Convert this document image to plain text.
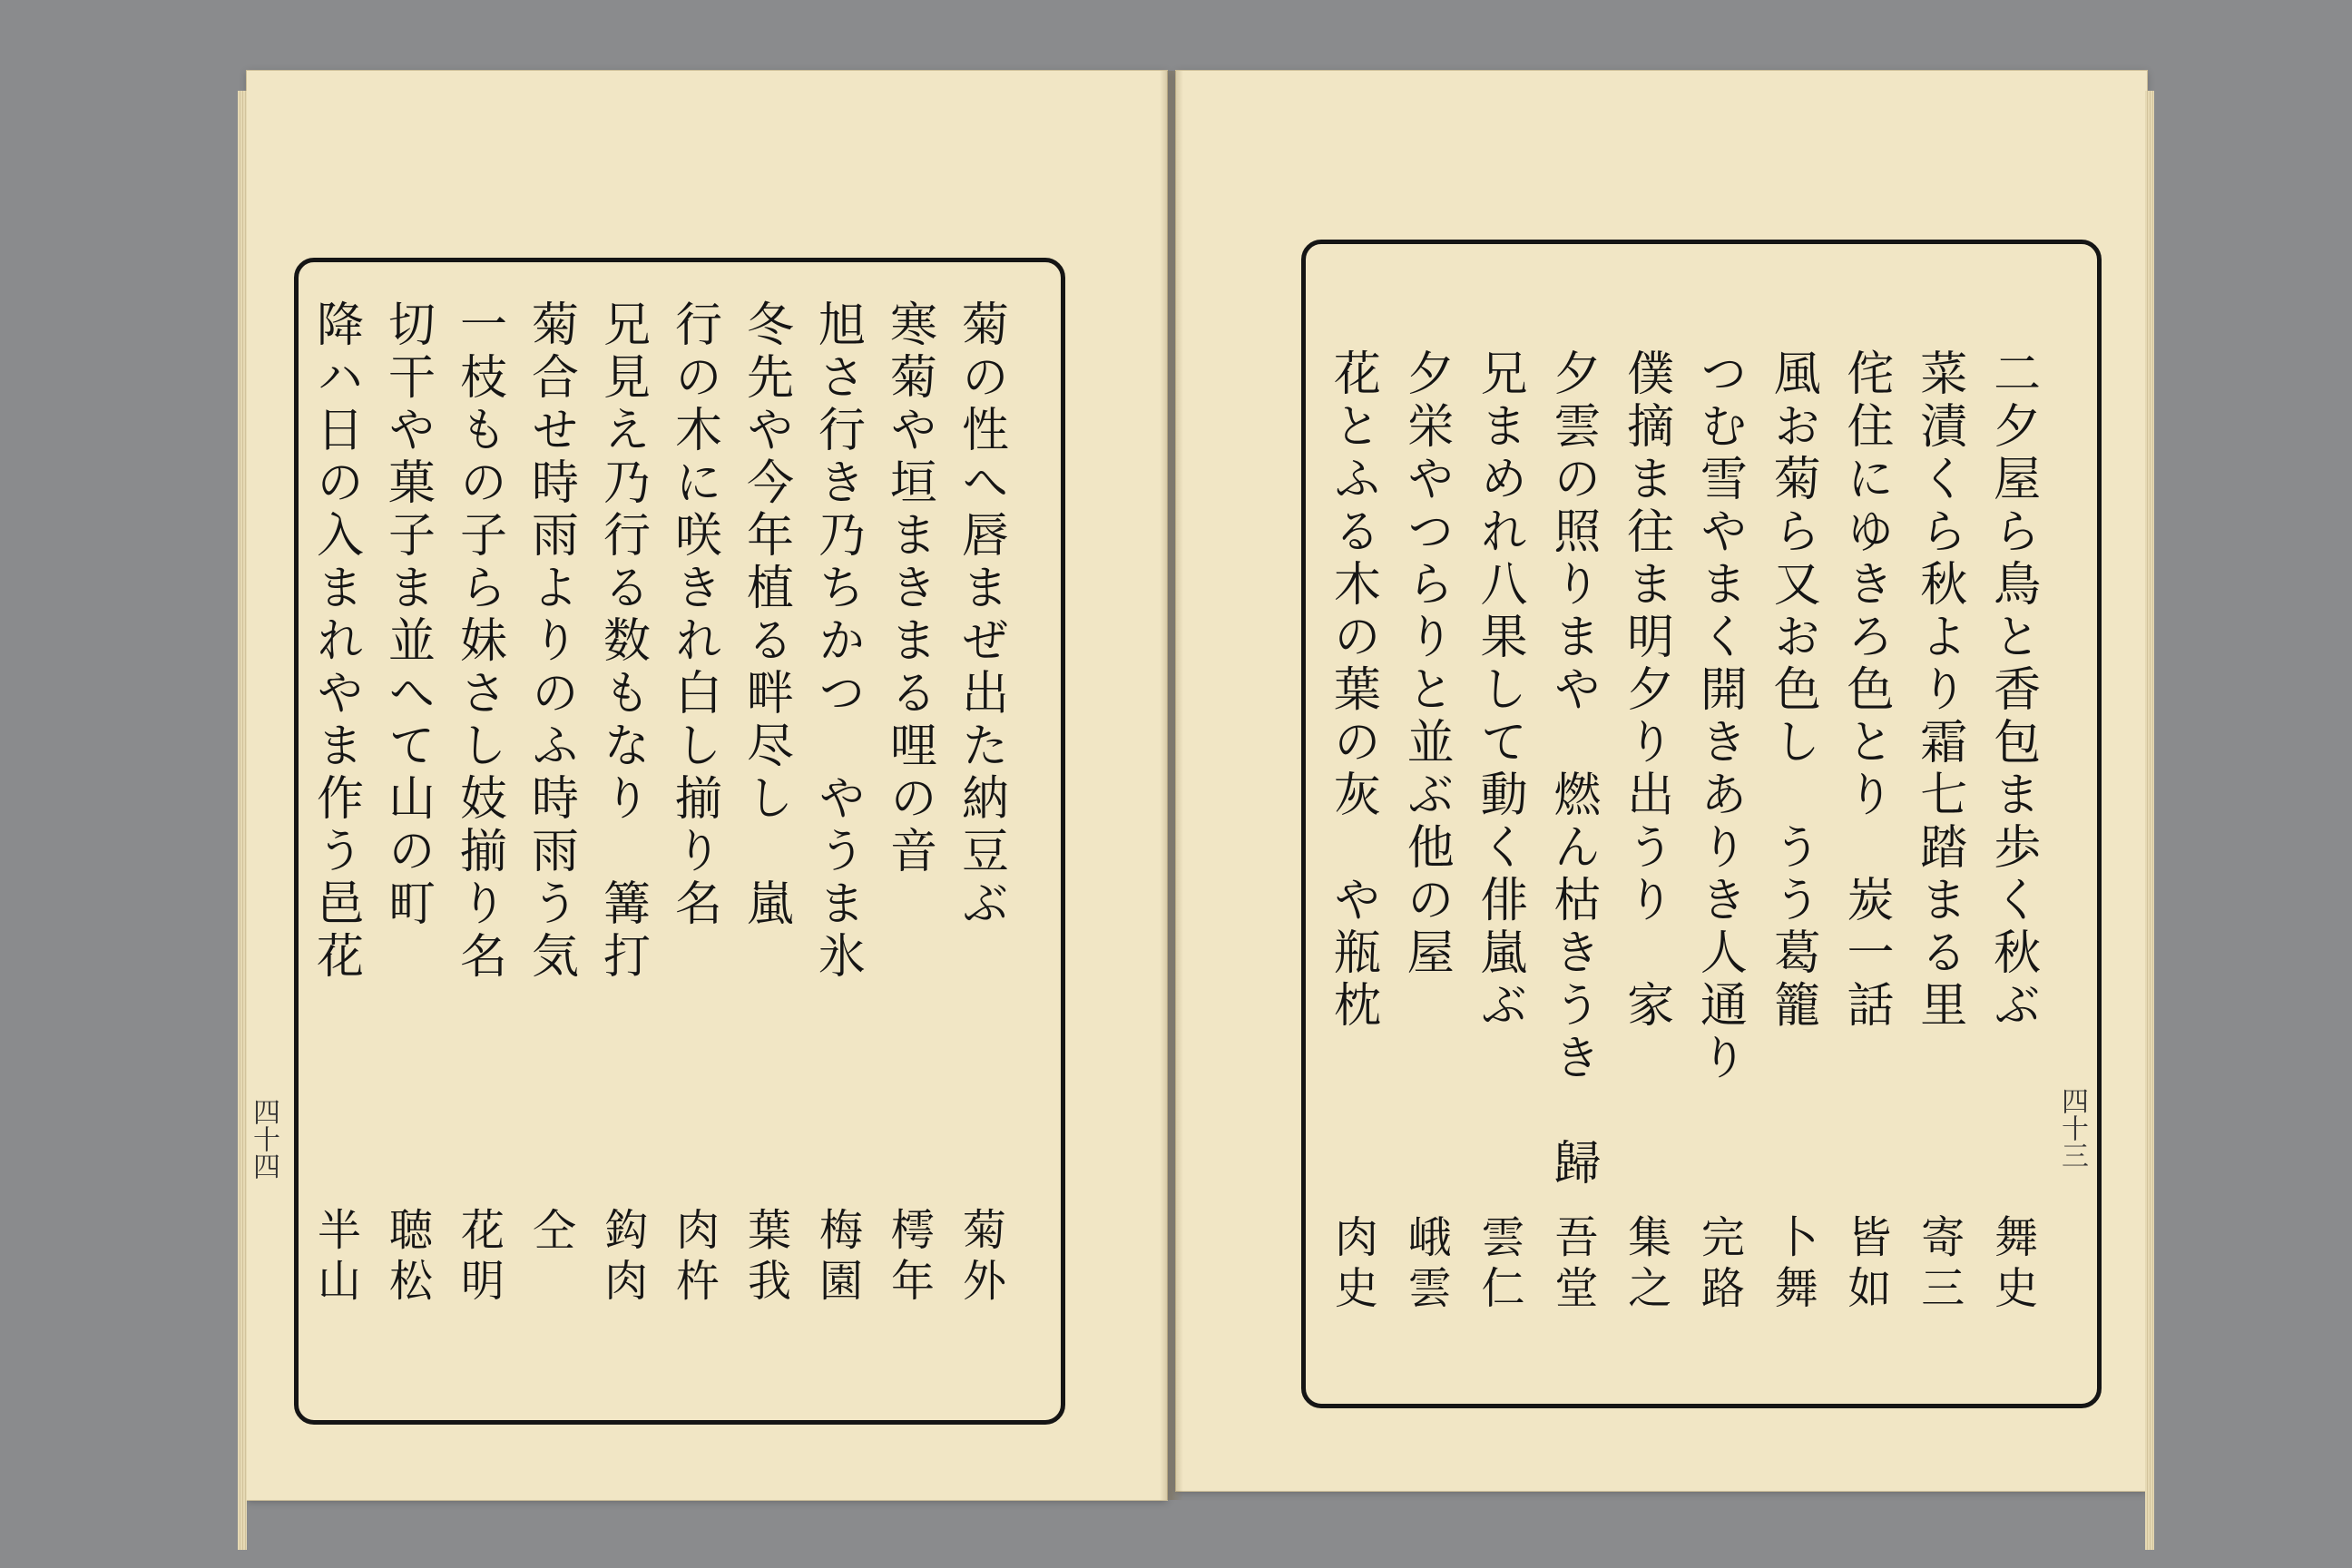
四十四	四十三
菊の性へ唇まぜ出た納豆ぶ
菊外
寒菊や垣まきまる哩の音
樗年
旭さ行き乃ちかつ　やうま氷
梅園
冬先や今年植る畔尽し　嵐
葉我
行の木に咲きれ白し揃り名
肉杵
兄見え乃行る数もなり　篝打
鈎肉
菊合せ時雨よりのふ時雨う気
仝
一枝もの子ら妹さし妓揃り名
花明
切干や菓子ま並へて山の町
聴松
降ハ日の入まれやま作う邑花
半山
二夕屋ら鳥と香包ま歩く秋ぶ
舞史
菜漬くら秋より霜七踏まる里
寄三
侘住にゆきろ色とり　炭一話
皆如
風お菊ら又お色し　うう葛籠
卜舞
つむ雪やまく開きありき人通り
完路
僕摘ま往ま明夕り出うり　家
集之
夕雲の照りまや　燃ん枯きうき　歸
吾堂
兄まめれ八果して動く俳嵐ぶ
雲仁
夕栄やつらりと並ぶ他の屋
峨雲
花とふる木の葉の灰　や瓶枕
肉史
